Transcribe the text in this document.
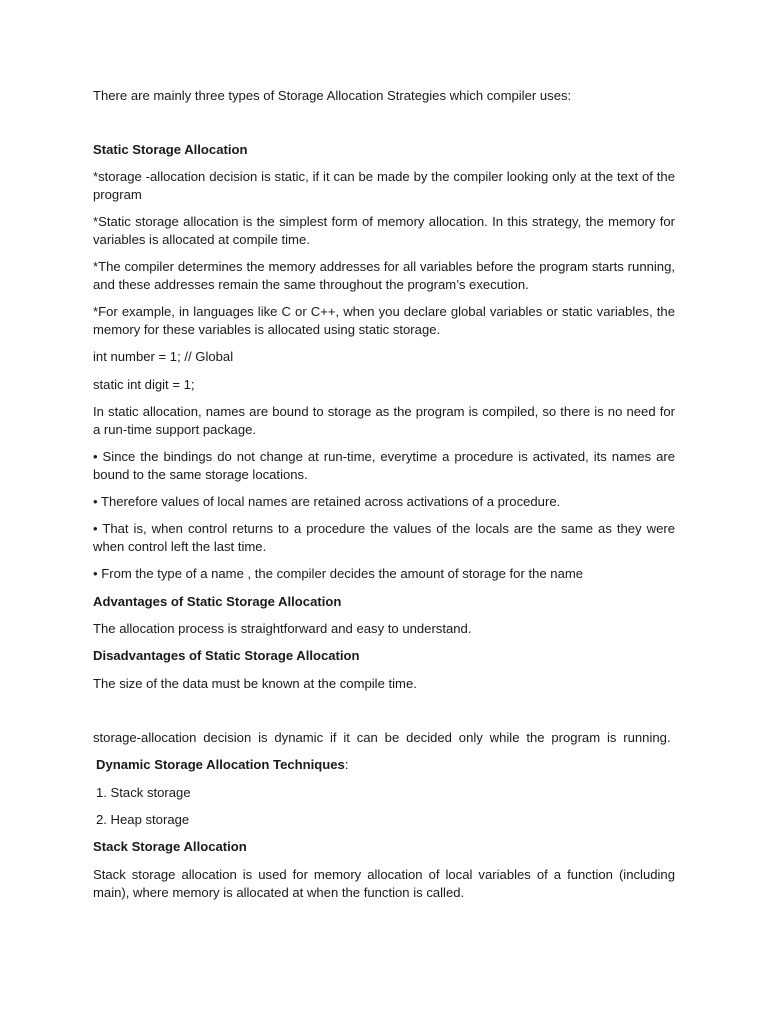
There are mainly three types of Storage Allocation Strategies which compiler uses:

Static Storage Allocation

*storage -allocation decision is static, if it can be made by the compiler looking only at the text of the program

*Static storage allocation is the simplest form of memory allocation. In this strategy, the memory for variables is allocated at compile time.

*The compiler determines the memory addresses for all variables before the program starts running, and these addresses remain the same throughout the program’s execution.

*For example, in languages like C or C++, when you declare global variables or static variables, the memory for these variables is allocated using static storage.

int number = 1; // Global

static int digit = 1;

In static allocation, names are bound to storage as the program is compiled, so there is no need for a run-time support package.

• Since the bindings do not change at run-time, everytime a procedure is activated, its names are bound to the same storage locations.

• Therefore values of local names are retained across activations of a procedure.

• That is, when control returns to a procedure the values of the locals are the same as they were when control left the last time.

• From the type of a name , the compiler decides the amount of storage for the name

Advantages of Static Storage Allocation

The allocation process is straightforward and easy to understand.

Disadvantages of Static Storage Allocation

The size of the data must be known at the compile time.

storage-allocation decision is dynamic if it can be decided only while the program is running.

Dynamic Storage Allocation Techniques:

1. Stack storage

2. Heap storage

Stack Storage Allocation

Stack storage allocation is used for memory allocation of local variables of a function (including main), where memory is allocated at when the function is called.
